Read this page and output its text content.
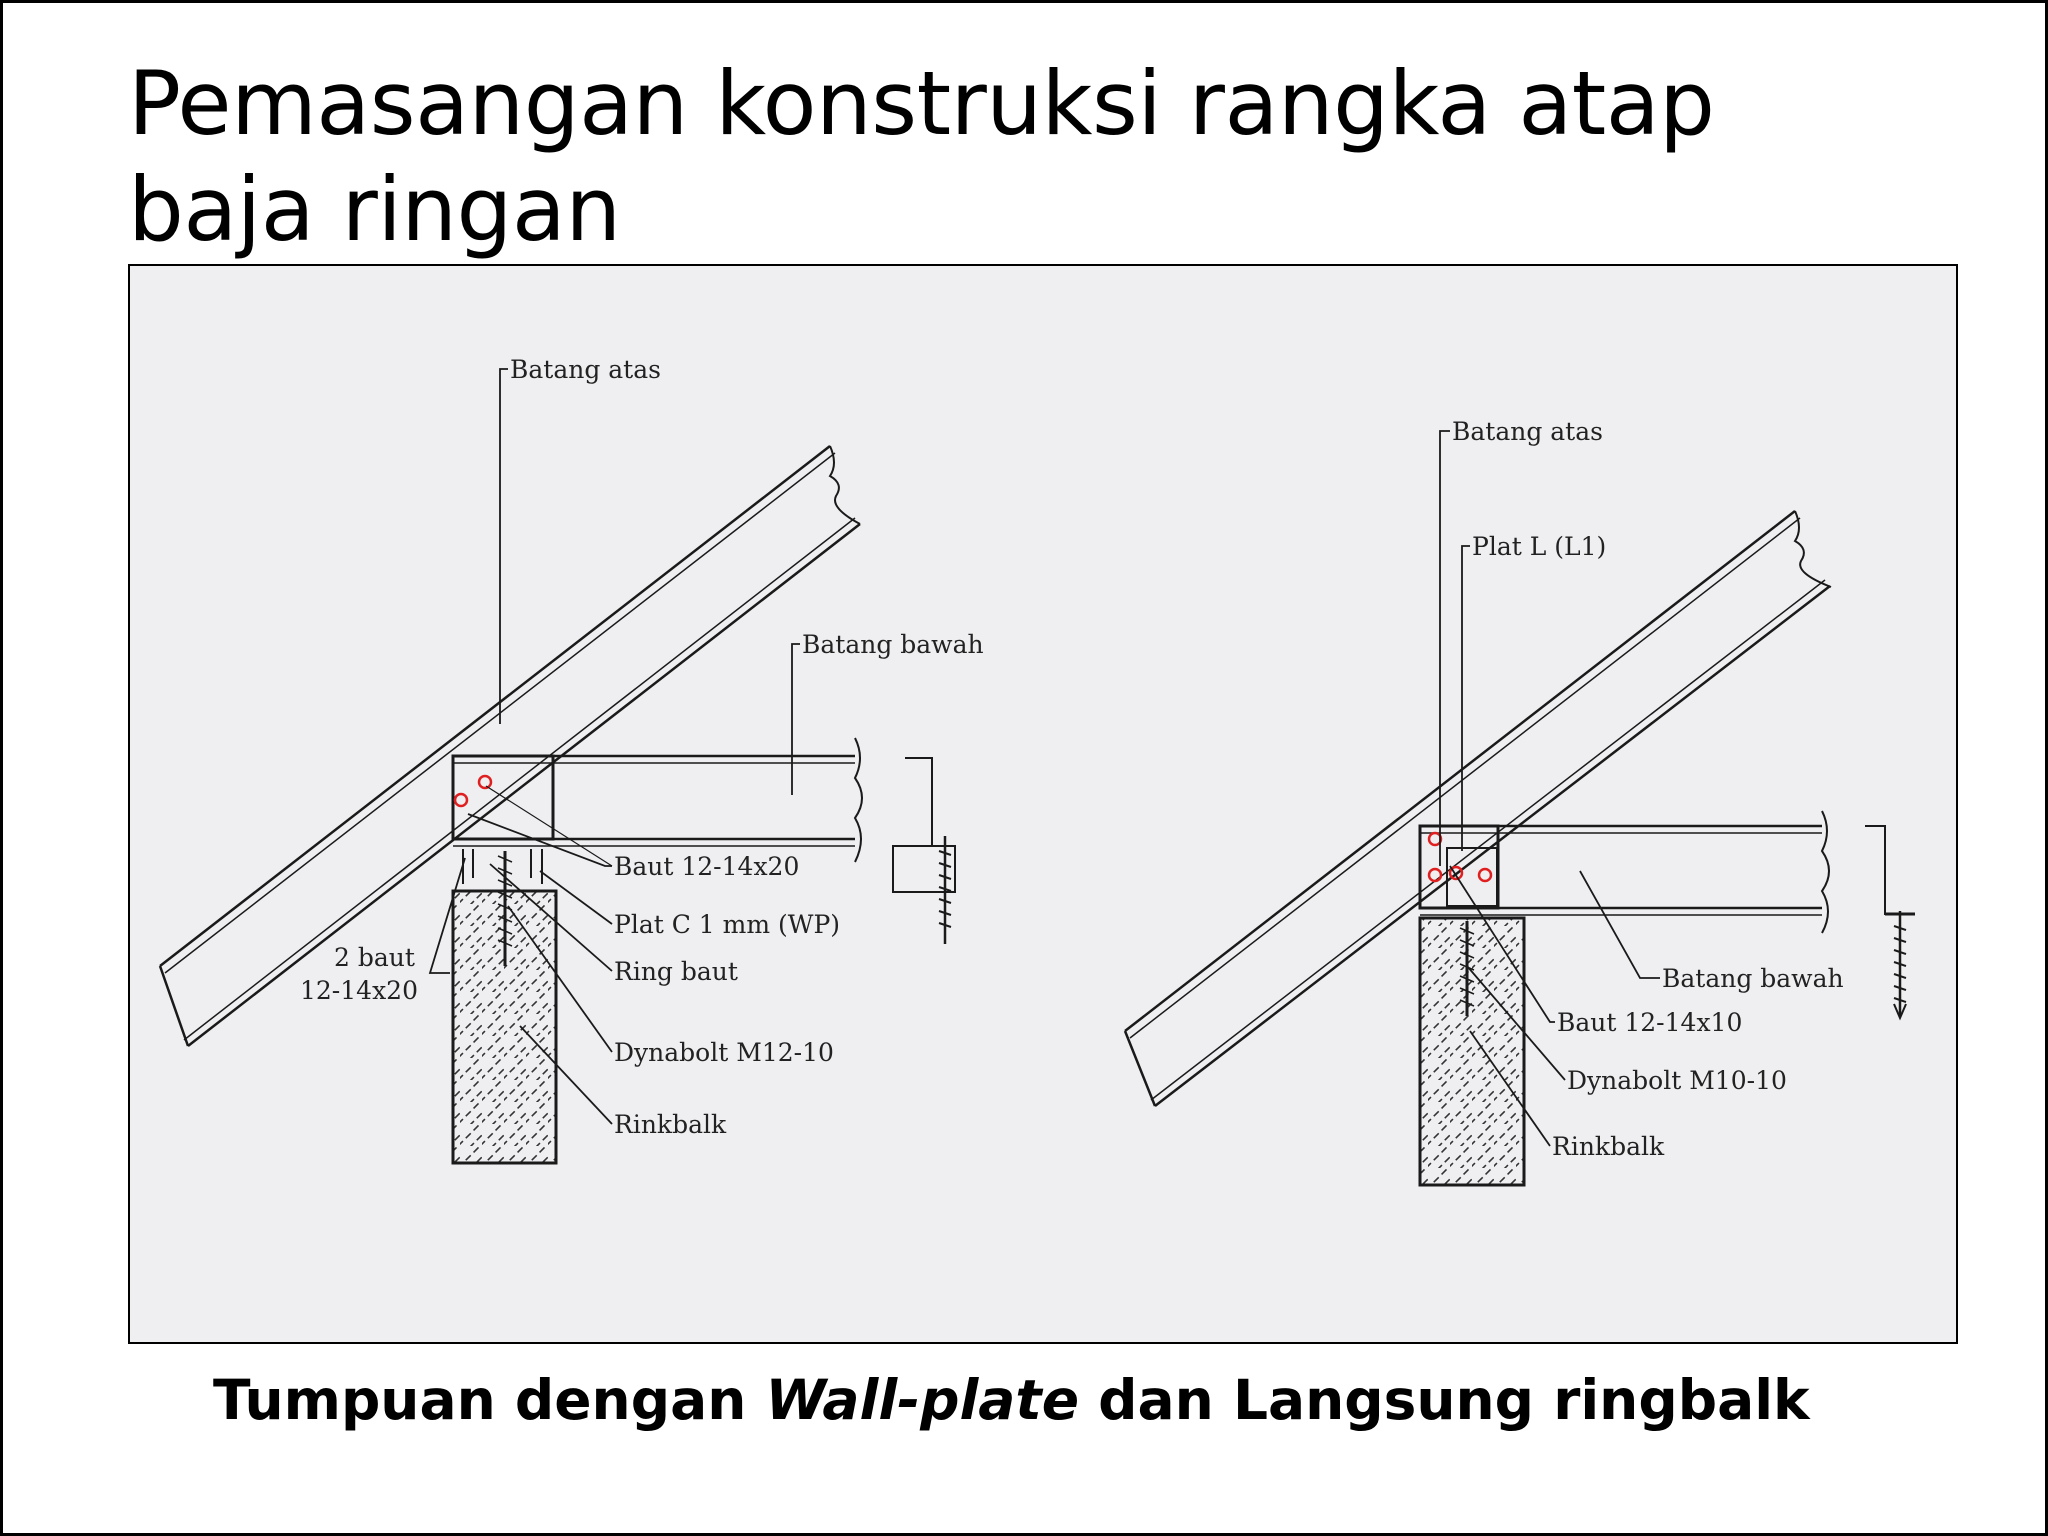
Pemasangan konstruksi rangka atap
baja ringan
Batang atas
Batang bawah
Baut 12-14x20
Plat C 1 mm (WP)
Ring baut
2 baut
12-14x20
Dynabolt M12-10
Rinkbalk
Batang atas
Plat L (L1)
Batang bawah
Baut 12-14x10
Dynabolt M10-10
Rinkbalk
Tumpuan dengan Wall-plate dan Langsung ringbalk
